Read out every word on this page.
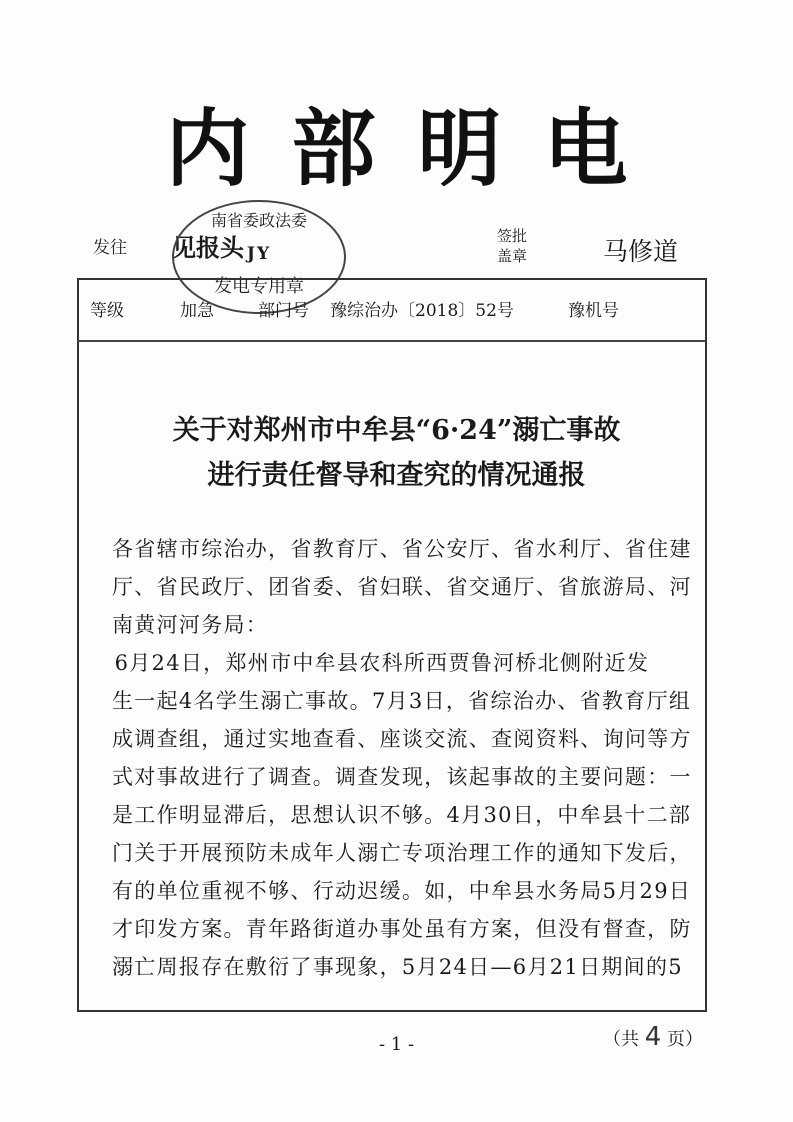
内部明电
发往 见报头	签批
盖章	马修道
南省委政法委
JY
发电专用章
等级	加急	部门号 豫综治办〔2018〕52号	豫机号
关于对郑州市中牟县“6·24”溺亡事故
进行责任督导和查究的情况通报
各省辖市综治办，省教育厅、省公安厅、省水利厅、省住建
厅、省民政厅、团省委、省妇联、省交通厅、省旅游局、河
南黄河河务局：
　　6月24日，郑州市中牟县农科所西贾鲁河桥北侧附近发
生一起4名学生溺亡事故。7月3日，省综治办、省教育厅组
成调查组，通过实地查看、座谈交流、查阅资料、询问等方
式对事故进行了调查。调查发现，该起事故的主要问题：一
是工作明显滞后，思想认识不够。4月30日，中牟县十二部
门关于开展预防未成年人溺亡专项治理工作的通知下发后，
有的单位重视不够、行动迟缓。如，中牟县水务局5月29日
才印发方案。青年路街道办事处虽有方案，但没有督查，防
溺亡周报存在敷衍了事现象，5月24日—6月21日期间的5
（共 4 页）
- 1 -
